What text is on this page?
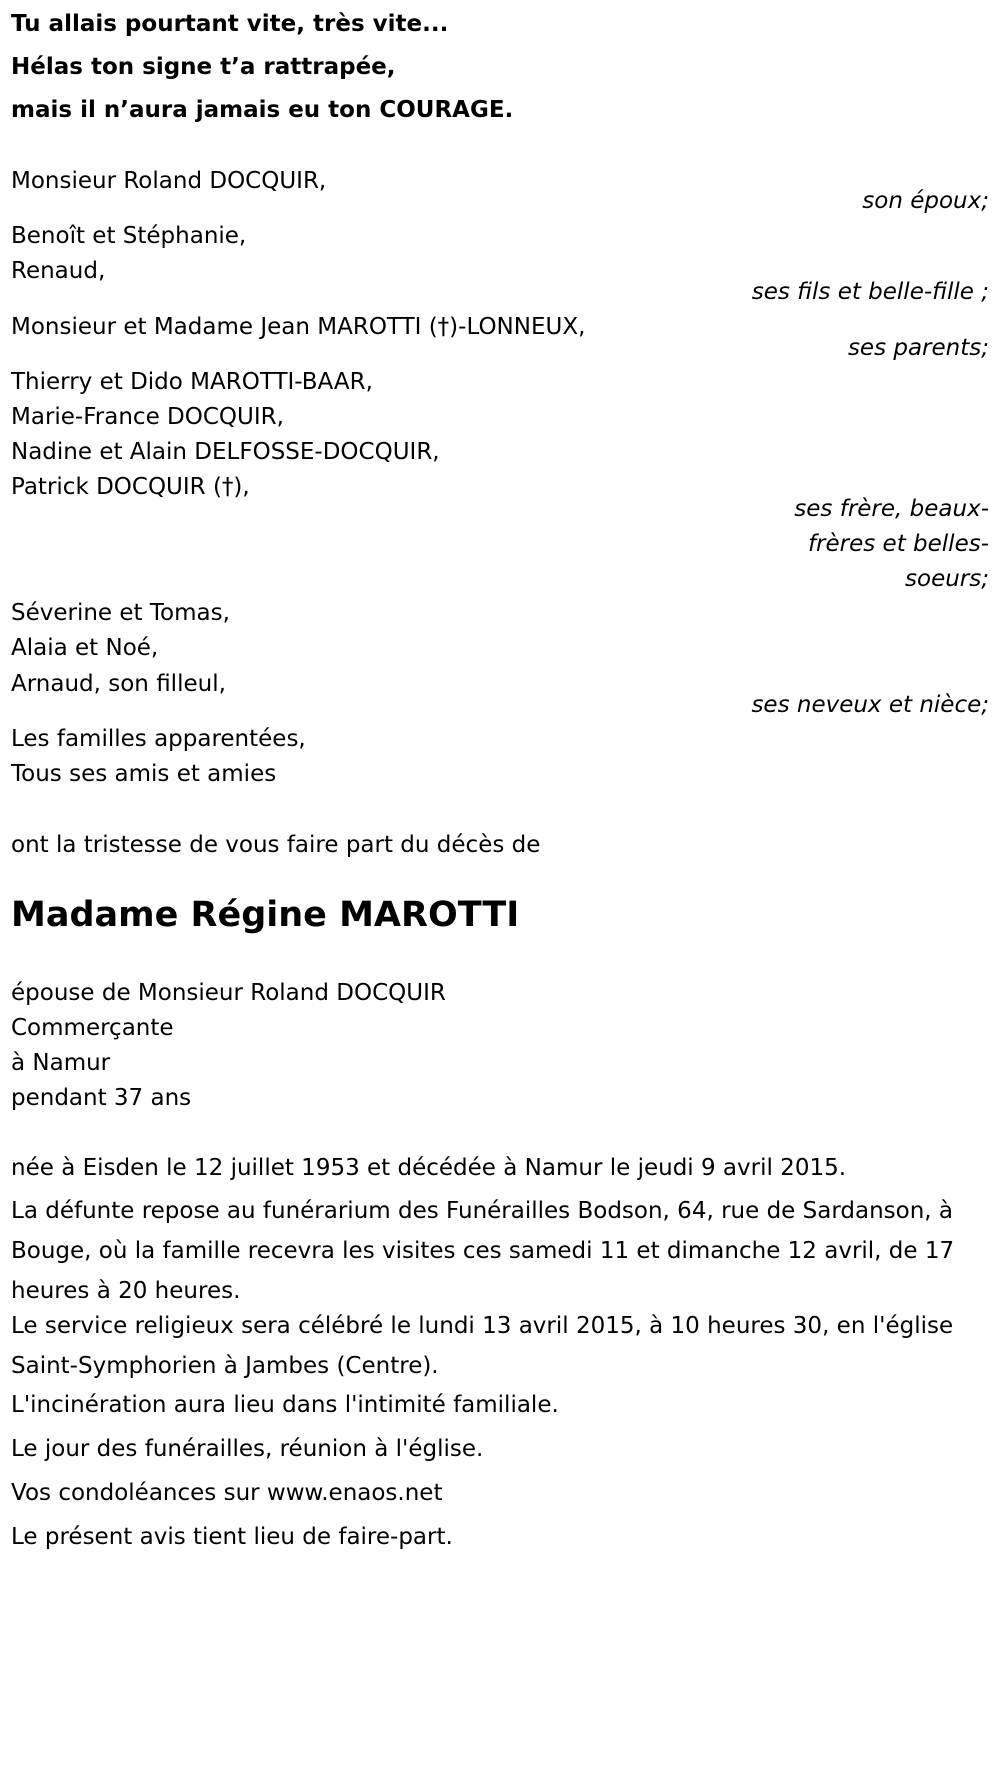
Tu allais pourtant vite, très vite...

Hélas ton signe t’a rattrapée,

mais il n’aura jamais eu ton COURAGE.

Monsieur Roland DOCQUIR,

son époux;

Benoît et Stéphanie,

Renaud,

ses fils et belle-fille ;

Monsieur et Madame Jean MAROTTI (†)-LONNEUX,

ses parents;

Thierry et Dido MAROTTI-BAAR,

Marie-France DOCQUIR,

Nadine et Alain DELFOSSE-DOCQUIR,

Patrick DOCQUIR (†),

ses frère, beaux-

frères et belles-

soeurs;

Séverine et Tomas,

Alaia et Noé,

Arnaud, son filleul,

ses neveux et nièce;

Les familles apparentées,

Tous ses amis et amies

ont la tristesse de vous faire part du décès de

Madame Régine MAROTTI

épouse de Monsieur Roland DOCQUIR

Commerçante

à Namur

pendant 37 ans

née à Eisden le 12 juillet 1953 et décédée à Namur le jeudi 9 avril 2015.

La défunte repose au funérarium des Funérailles Bodson, 64, rue de Sardanson, à Bouge, où la famille recevra les visites ces samedi 11 et dimanche 12 avril, de 17 heures à 20 heures.

Le service religieux sera célébré le lundi 13 avril 2015, à 10 heures 30, en l'église Saint-Symphorien à Jambes (Centre).

L'incinération aura lieu dans l'intimité familiale.

Le jour des funérailles, réunion à l'église.

Vos condoléances sur www.enaos.net

Le présent avis tient lieu de faire-part.
